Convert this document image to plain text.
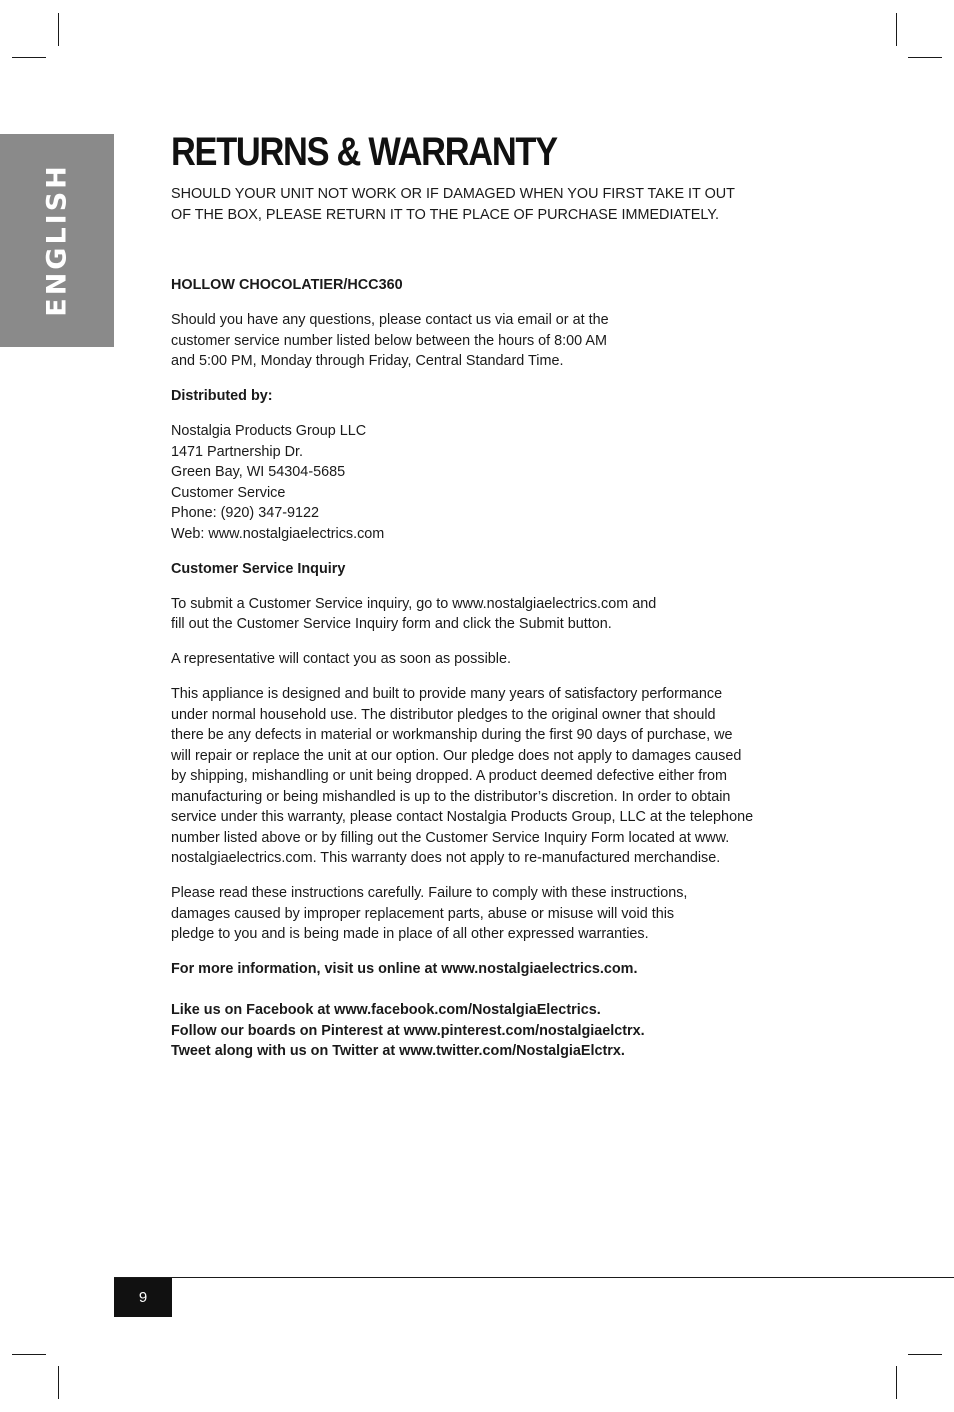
ENGLISH
RETURNS & WARRANTY
SHOULD YOUR UNIT NOT WORK OR IF DAMAGED WHEN YOU FIRST TAKE IT OUT
OF THE BOX, PLEASE RETURN IT TO THE PLACE OF PURCHASE IMMEDIATELY.

HOLLOW CHOCOLATIER/HCC360

Should you have any questions, please contact us via email or at the
customer service number listed below between the hours of 8:00 AM
and 5:00 PM, Monday through Friday, Central Standard Time.

Distributed by:

Nostalgia Products Group LLC
1471 Partnership Dr.
Green Bay, WI 54304-5685
Customer Service
Phone: (920) 347-9122
Web: www.nostalgiaelectrics.com

Customer Service Inquiry

To submit a Customer Service inquiry, go to www.nostalgiaelectrics.com and
fill out the Customer Service Inquiry form and click the Submit button.

A representative will contact you as soon as possible.

This appliance is designed and built to provide many years of satisfactory performance
under normal household use. The distributor pledges to the original owner that should
there be any defects in material or workmanship during the first 90 days of purchase, we
will repair or replace the unit at our option. Our pledge does not apply to damages caused
by shipping, mishandling or unit being dropped. A product deemed defective either from
manufacturing or being mishandled is up to the distributor’s discretion. In order to obtain
service under this warranty, please contact Nostalgia Products Group, LLC at the telephone
number listed above or by filling out the Customer Service Inquiry Form located at www.
nostalgiaelectrics.com. This warranty does not apply to re-manufactured merchandise.

Please read these instructions carefully. Failure to comply with these instructions,
damages caused by improper replacement parts, abuse or misuse will void this
pledge to you and is being made in place of all other expressed warranties.

For more information, visit us online at www.nostalgiaelectrics.com.

Like us on Facebook at www.facebook.com/NostalgiaElectrics.
Follow our boards on Pinterest at www.pinterest.com/nostalgiaelctrx.
Tweet along with us on Twitter at www.twitter.com/NostalgiaElctrx.

9
